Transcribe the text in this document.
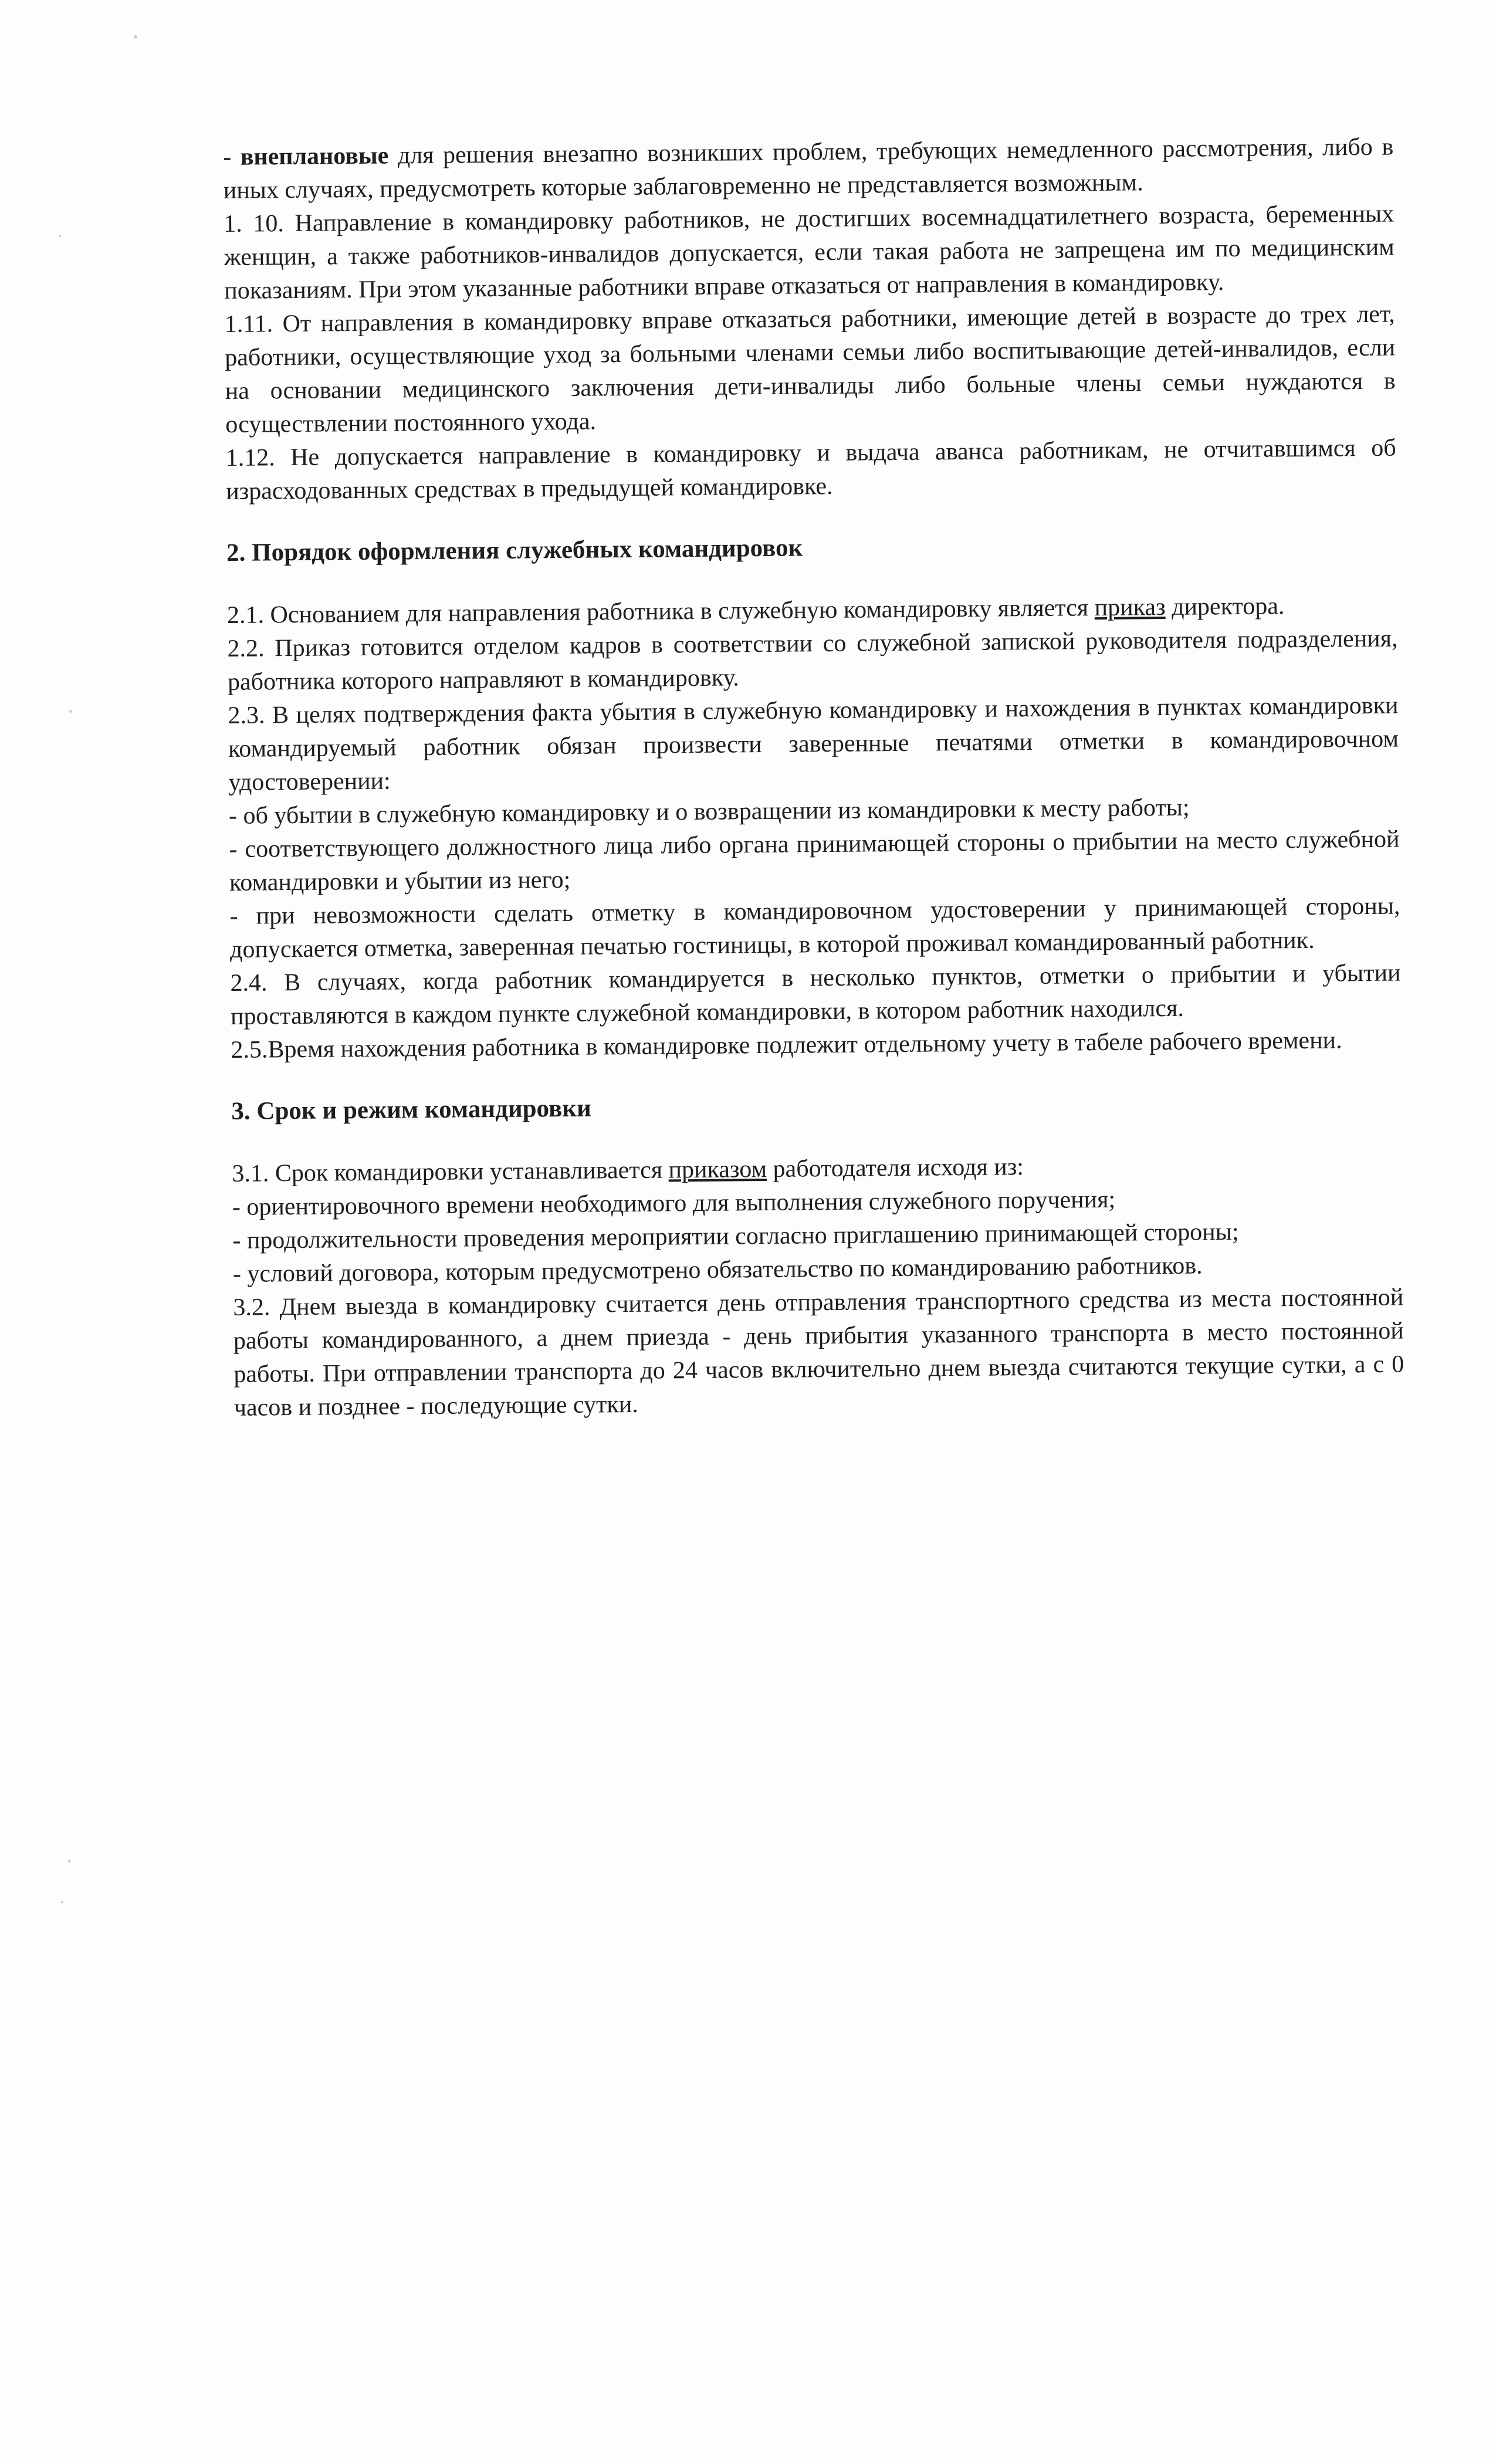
- внеплановые для решения внезапно возникших проблем, требующих немедленного рассмотрения, либо в иных случаях, предусмотреть которые заблаговременно не представляется возможным.

1. 10. Направление в командировку работников, не достигших восемнадцатилетнего возраста, беременных женщин, а также работников-инвалидов допускается, если такая работа не запрещена им по медицинским показаниям. При этом указанные работники вправе отказаться от направления в командировку.

1.11. От направления в командировку вправе отказаться работники, имеющие детей в возрасте до трех лет, работники, осуществляющие уход за больными членами семьи либо воспитывающие детей-инвалидов, если на основании медицинского заключения дети-инвалиды либо больные члены семьи нуждаются в осуществлении постоянного ухода.

1.12. Не допускается направление в командировку и выдача аванса работникам, не отчитавшимся об израсходованных средствах в предыдущей командировке.

2. Порядок оформления служебных командировок

2.1. Основанием для направления работника в служебную командировку является приказ директора.

2.2. Приказ готовится отделом кадров в соответствии со служебной запиской руководителя подразделения, работника которого направляют в командировку.

2.3. В целях подтверждения факта убытия в служебную командировку и нахождения в пунктах командировки командируемый работник обязан произвести заверенные печатями отметки в командировочном удостоверении:

- об убытии в служебную командировку и о возвращении из командировки к месту работы;

- соответствующего должностного лица либо органа принимающей стороны о прибытии на место служебной командировки и убытии из него;

- при невозможности сделать отметку в командировочном удостоверении у принимающей стороны, допускается отметка, заверенная печатью гостиницы, в которой проживал командированный работник.

2.4. В случаях, когда работник командируется в несколько пунктов, отметки о прибытии и убытии проставляются в каждом пункте служебной командировки, в котором работник находился.

2.5.Время нахождения работника в командировке подлежит отдельному учету в табеле рабочего времени.

3. Срок и режим командировки

3.1. Срок командировки устанавливается приказом работодателя исходя из:

- ориентировочного времени необходимого для выполнения служебного поручения;

- продолжительности проведения мероприятии согласно приглашению принимающей стороны;

- условий договора, которым предусмотрено обязательство по командированию работников.

3.2. Днем выезда в командировку считается день отправления транспортного средства из места постоянной работы командированного, а днем приезда - день прибытия указанного транспорта в место постоянной работы. При отправлении транспорта до 24 часов включительно днем выезда считаются текущие сутки, а с 0 часов и позднее - последующие сутки.
